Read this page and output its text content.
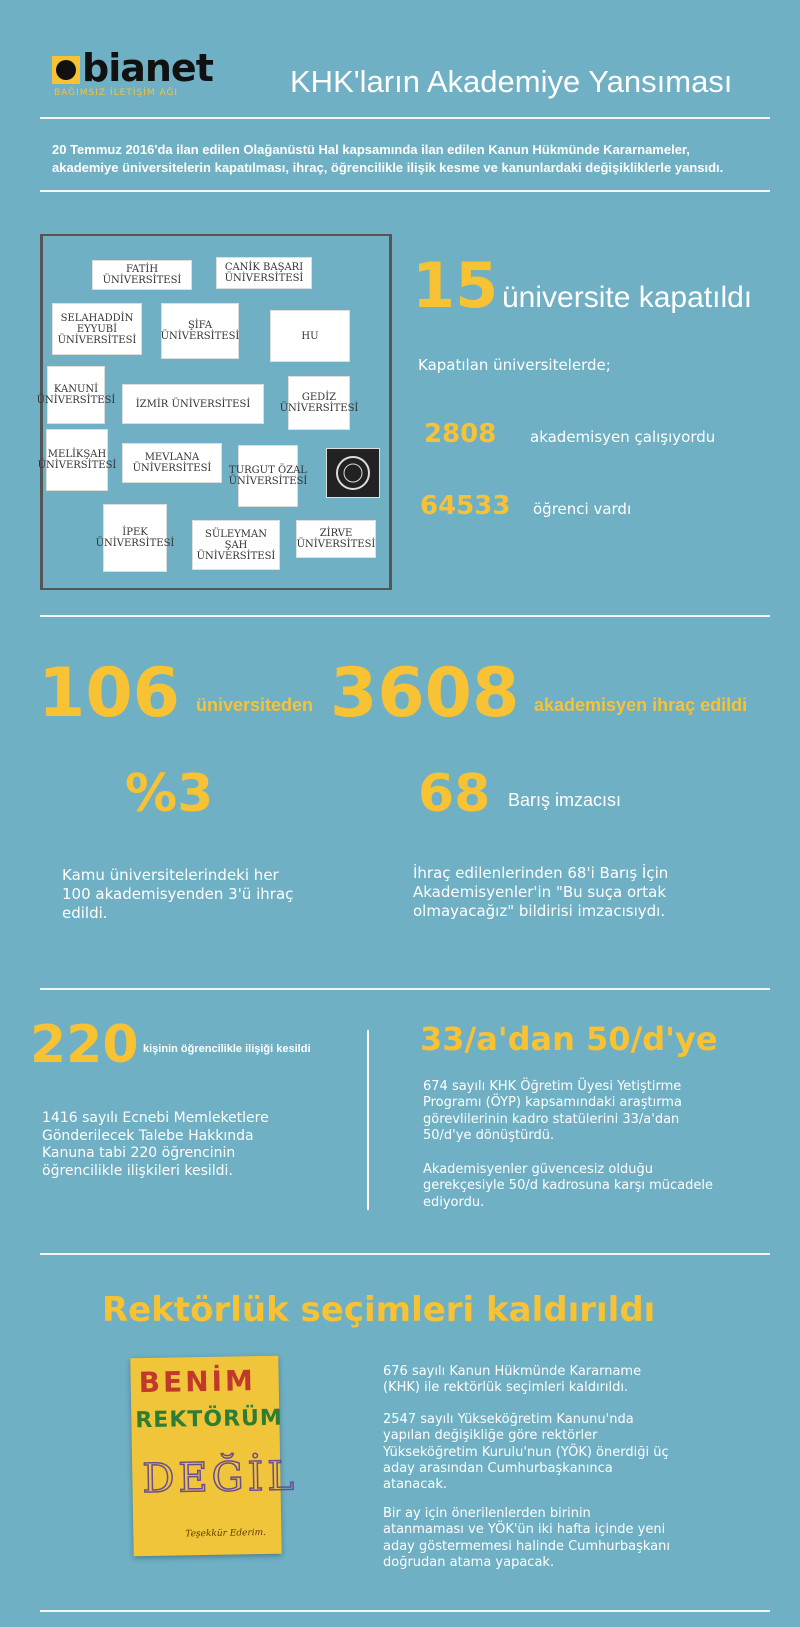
bianet
BAĞIMSIZ İLETİŞİM AĞI	KHK'ların Akademiye Yansıması
20 Temmuz 2016'da ilan edilen Olağanüstü Hal kapsamında ilan edilen Kanun Hükmünde Kararnameler, akademiye üniversitelerin kapatılması, ihraç, öğrencilikle ilişik kesme ve kanunlardaki değişikliklerle yansıdı.
FATİH ÜNİVERSİTESİ
CANİK BAŞARI ÜNİVERSİTESİ
SELAHADDİN EYYUBİ ÜNİVERSİTESİ
ŞİFA ÜNİVERSİTESİ	HU
KANUNİ ÜNİVERSİTESİ	İZMİR ÜNİVERSİTESİ
GEDİZ ÜNİVERSİTESİ
MELİKŞAH ÜNİVERSİTESİ
MEVLANA ÜNİVERSİTESİ	TURGUT ÖZAL ÜNİVERSİTESİ
İPEK ÜNİVERSİTESİ
SÜLEYMAN ŞAH ÜNİVERSİTESİ
ZİRVE ÜNİVERSİTESİ
15 üniversite kapatıldı
Kapatılan üniversitelerde;
2808 akademisyen çalışıyordu
64533 öğrenci vardı
106 üniversiteden 3608 akademisyen ihraç edildi
%3
Kamu üniversitelerindeki her 100 akademisyenden 3'ü ihraç edildi.
68 Barış imzacısı
İhraç edilenlerinden 68'i Barış İçin Akademisyenler'in "Bu suça ortak olmayacağız" bildirisi imzacısıydı.
220 kişinin öğrencilikle ilişiği kesildi
1416 sayılı Ecnebi Memleketlere Gönderilecek Talebe Hakkında Kanuna tabi 220 öğrencinin öğrencilikle ilişkileri kesildi.
33/a'dan 50/d'ye
674 sayılı KHK Öğretim Üyesi Yetiştirme Programı (ÖYP) kapsamındaki araştırma görevlilerinin kadro statülerini 33/a'dan 50/d'ye dönüştürdü.
Akademisyenler güvencesiz olduğu gerekçesiyle 50/d kadrosuna karşı mücadele ediyordu.
Rektörlük seçimleri kaldırıldı
BENİM
REKTÖRÜM
DEĞİL
Teşekkür Ederim.
676 sayılı Kanun Hükmünde Kararname (KHK) ile rektörlük seçimleri kaldırıldı.
2547 sayılı Yükseköğretim Kanunu'nda yapılan değişikliğe göre rektörler Yükseköğretim Kurulu'nun (YÖK) önerdiği üç aday arasından Cumhurbaşkanınca atanacak.
Bir ay için önerilenlerden birinin atanmaması ve YÖK'ün iki hafta içinde yeni aday göstermemesi halinde Cumhurbaşkanı doğrudan atama yapacak.
